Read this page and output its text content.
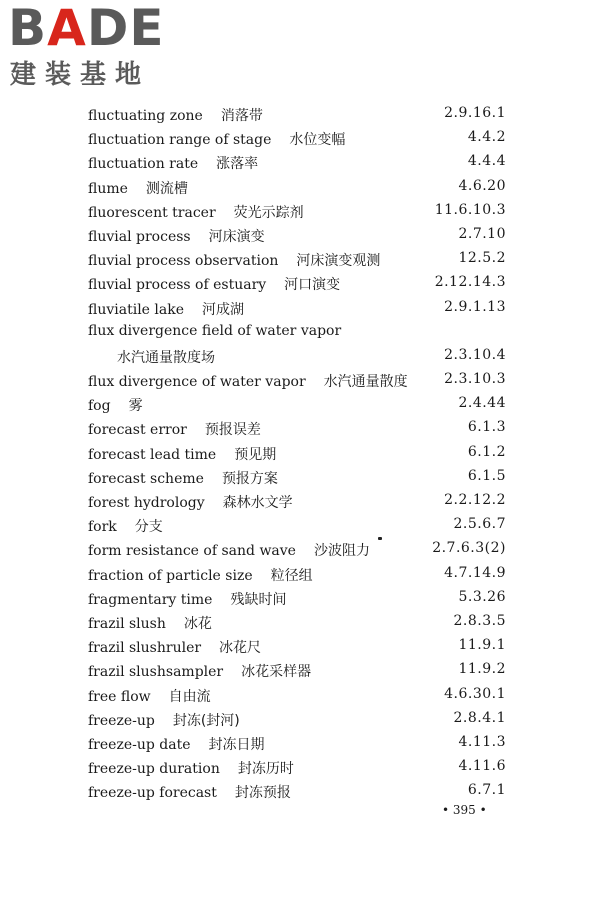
BADE
建装基地
fluctuating zone 消落带	2.9.16.1
fluctuation range of stage 水位变幅	4.4.2
fluctuation rate 涨落率	4.4.4
flume 测流槽	4.6.20
fluorescent tracer 荧光示踪剂	11.6.10.3
fluvial process 河床演变	2.7.10
fluvial process observation 河床演变观测	12.5.2
fluvial process of estuary 河口演变	2.12.14.3
fluviatile lake 河成湖	2.9.1.13
flux divergence field of water vapor
水汽通量散度场	2.3.10.4
flux divergence of water vapor 水汽通量散度	2.3.10.3
fog 雾	2.4.44
forecast error 预报误差	6.1.3
forecast lead time 预见期	6.1.2
forecast scheme 预报方案	6.1.5
forest hydrology 森林水文学	2.2.12.2
fork 分支	2.5.6.7
form resistance of sand wave 沙波阻力	2.7.6.3(2)
fraction of particle size 粒径组	4.7.14.9
fragmentary time 残缺时间	5.3.26
frazil slush 冰花	2.8.3.5
frazil slushruler 冰花尺	11.9.1
frazil slushsampler 冰花采样器	11.9.2
free flow 自由流	4.6.30.1
freeze-up 封冻(封河)	2.8.4.1
freeze-up date 封冻日期	4.11.3
freeze-up duration 封冻历时	4.11.6
freeze-up forecast 封冻预报	6.7.1
• 395 •
